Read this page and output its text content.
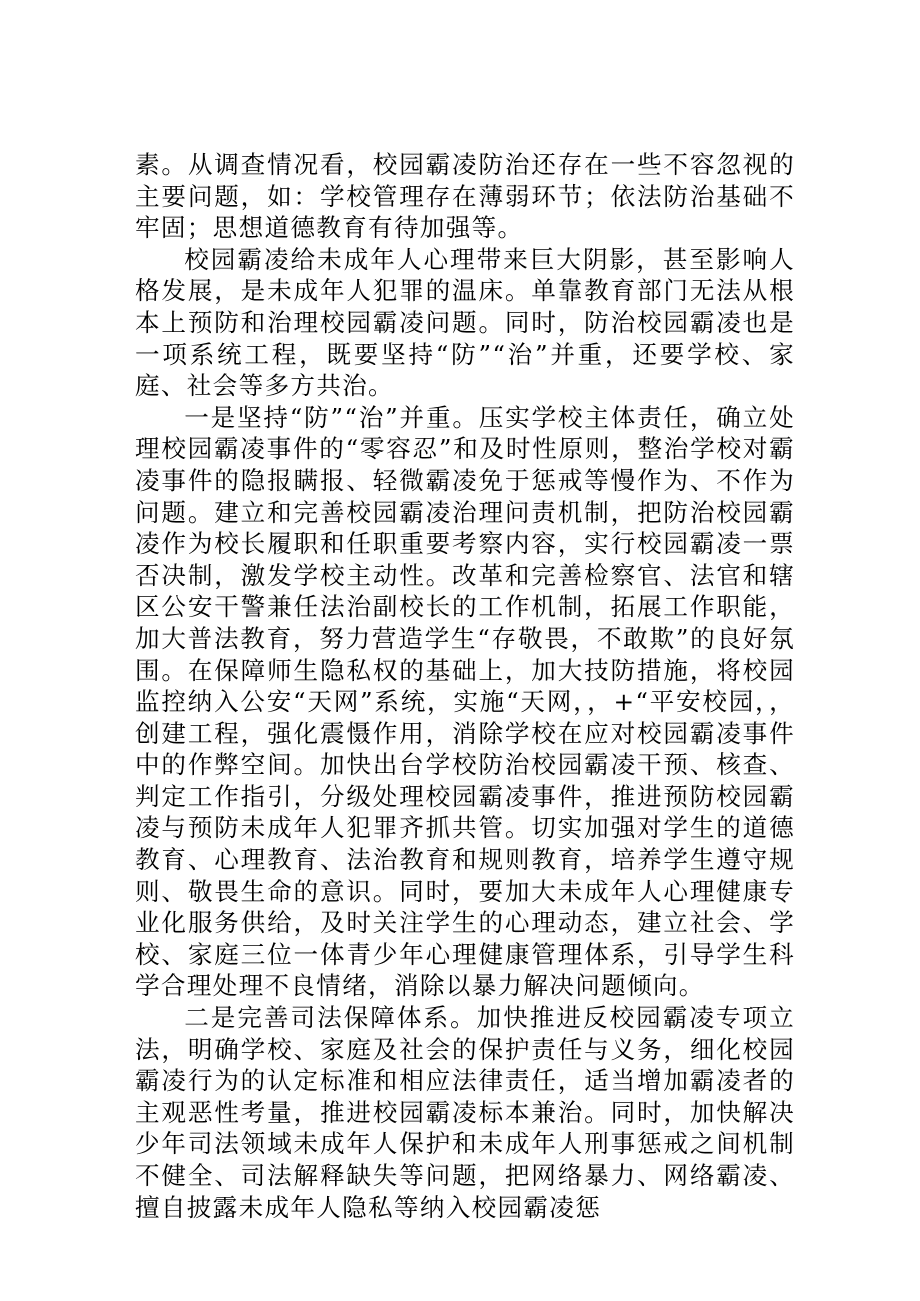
素。从调查情况看，校园霸凌防治还存在一些不容忽视的主要问题，如：学校管理存在薄弱环节；依法防治基础不牢固；思想道德教育有待加强等。

校园霸凌给未成年人心理带来巨大阴影，甚至影响人格发展，是未成年人犯罪的温床。单靠教育部门无法从根本上预防和治理校园霸凌问题。同时，防治校园霸凌也是一项系统工程，既要坚持“防”“治”并重，还要学校、家庭、社会等多方共治。

一是坚持“防”“治”并重。压实学校主体责任，确立处理校园霸凌事件的“零容忍”和及时性原则，整治学校对霸凌事件的隐报瞒报、轻微霸凌免于惩戒等慢作为、不作为问题。建立和完善校园霸凌治理问责机制，把防治校园霸凌作为校长履职和任职重要考察内容，实行校园霸凌一票否决制，激发学校主动性。改革和完善检察官、法官和辖区公安干警兼任法治副校长的工作机制，拓展工作职能，加大普法教育，努力营造学生“存敬畏，不敢欺”的良好氛围。在保障师生隐私权的基础上，加大技防措施，将校园监控纳入公安“天网”系统，实施“天网，，+“平安校园，，创建工程，强化震慑作用，消除学校在应对校园霸凌事件中的作弊空间。加快出台学校防治校园霸凌干预、核查、判定工作指引，分级处理校园霸凌事件，推进预防校园霸凌与预防未成年人犯罪齐抓共管。切实加强对学生的道德教育、心理教育、法治教育和规则教育，培养学生遵守规则、敬畏生命的意识。同时，要加大未成年人心理健康专业化服务供给，及时关注学生的心理动态，建立社会、学校、家庭三位一体青少年心理健康管理体系，引导学生科学合理处理不良情绪，消除以暴力解决问题倾向。

二是完善司法保障体系。加快推进反校园霸凌专项立法，明确学校、家庭及社会的保护责任与义务，细化校园霸凌行为的认定标准和相应法律责任，适当增加霸凌者的主观恶性考量，推进校园霸凌标本兼治。同时，加快解决少年司法领域未成年人保护和未成年人刑事惩戒之间机制不健全、司法解释缺失等问题，把网络暴力、网络霸凌、擅自披露未成年人隐私等纳入校园霸凌惩
